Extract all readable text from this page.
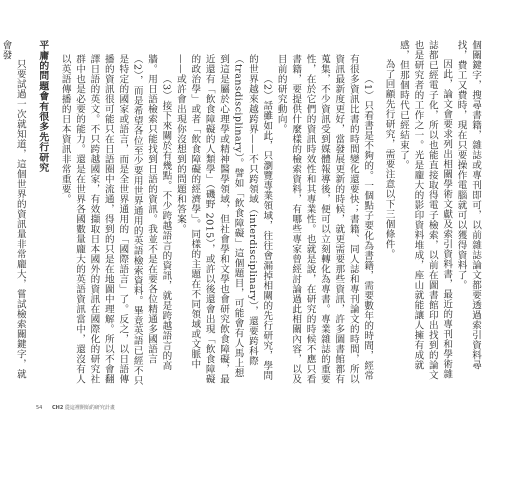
個關鍵字，搜尋書籍，雜誌或專刊即可，以前雜誌論文都要透過索引資料尋找，費工又費時，現在只要操作電腦就可以獲得資料了。

因此，論文會要求列出相關學術文獻及索引資料書，最近的專刊和學術雜誌都已經電子化，所以也能直接取得電子檢索，以前在圖書館印出找到的論文也是研究者的工作之一。光是龐大的影印資料堆成，座山就能讓人擁有成就感，但那個時代已經結束了。

為了回顧先行研究，需要注意以下三個條件。

（1）只看書是不夠的。一個點子要化為書籍，需要數年的時間，經常有很多資訊比書的時間變化還要快；書籍、同人誌和專刊論文的時間，所以資訊最新度更好，當發展更新的時候，就更需要那些資訊，許多圖書館都有蒐集，不少資訊受到媒體報導後，便可以立刻轉化為專書。專業雜誌的重要性，在於它們的資訊時效性和其專業性。也就是說，在研究的時候不應只看書籍，要提供什麼樣的檢索資料，有哪些專家曾經討論過此相關內容，以及目前的研究動向。

（2）話雖如此，只瀏覽專業領域，往往會漏掉相關的先行研究，學問的世界越來越跨界——不只跨領域（interdisciplinary），還要跨科際（transdisciplinary）。譬如「飲食障礙」這個題目，可能會有人馬上想到這是屬於心理學或精神醫學領域，但社會學和文學也會研究飲食障礙，最近還有「飲食障礙的人類學」（磯野 2015），或許以後還會出現「飲食障礙的政治學」或者「飲食障礙的經濟學」。同樣的主題在不同領域或文脈中——或許會出現你沒想到的問題和答案。

（3）接下來關於有幾點。不少跨越語言的資訊，就是跨越語言的高牆。用日語檢索只能找到日語的資訊。我並不是在要各位精通多國語言（2），而是希望各位至少要用世界通用的英語檢索資料。畢竟英語已經不只是特定的國家或語言，而是全世界通用的「國際語言」了。反之，以日語傳播的資訊很可能只在日語圈中流通，得到的只是在地圖中理解。所以不會翻譯日語的英文。不只跨越國家，有效擷取日本國外的資訊在國際化的研究社群中也是必要的能力。還是在世界各國數量龐大的英語資訊當中，還沒有人以英語傳播的日本資訊非常重要。

平庸的問題會有很多先行研究

只要試過一次就知道，這個世界的資訊量非常龐大，嘗試檢索關鍵字，就會發

54 CH2 從這裡開始的研究計畫
